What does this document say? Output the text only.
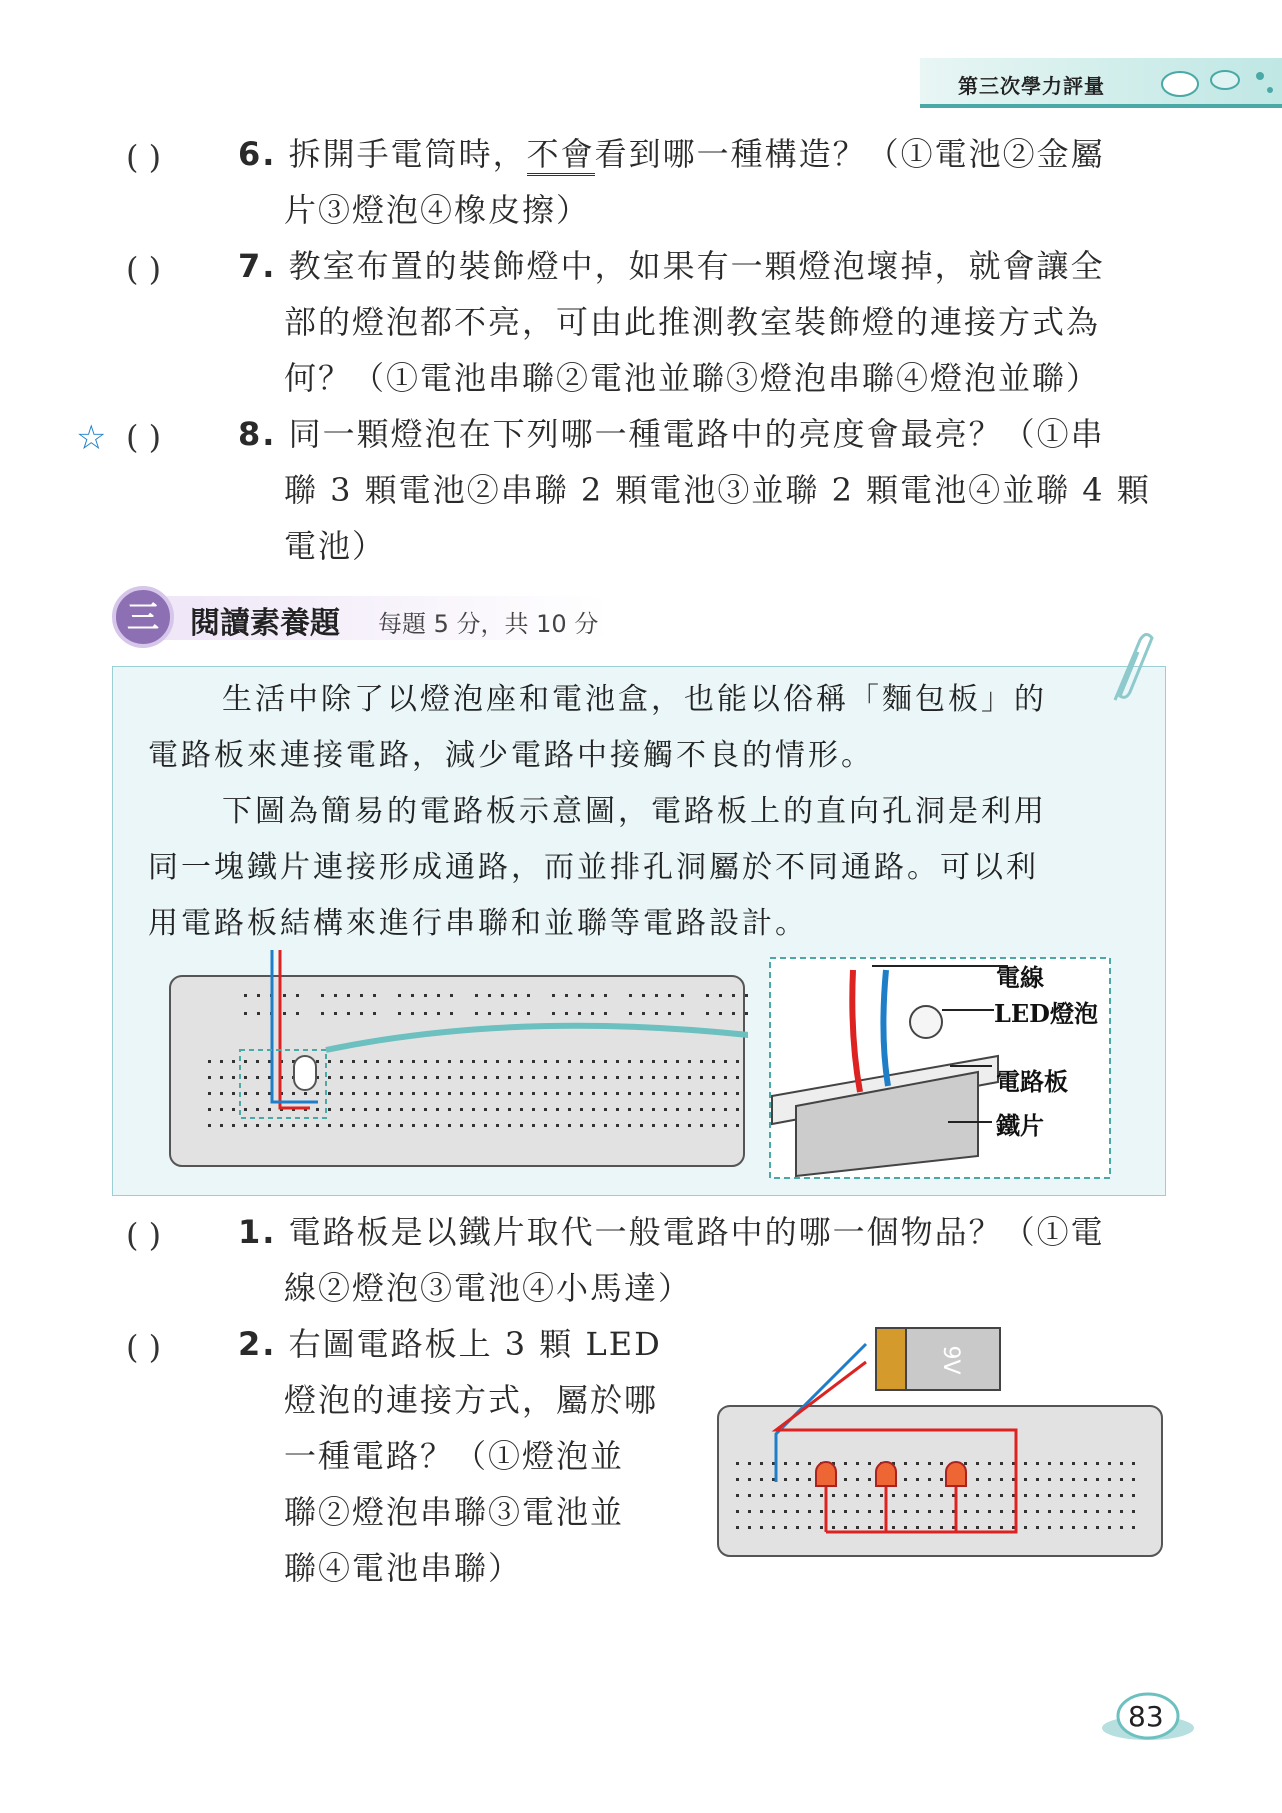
第三次學力評量
( ) 6. 拆開手電筒時，不會看到哪一種構造？（①電池②金屬
片③燈泡④橡皮擦）
( ) 7. 教室布置的裝飾燈中，如果有一顆燈泡壞掉，就會讓全
部的燈泡都不亮，可由此推測教室裝飾燈的連接方式為
何？（①電池串聯②電池並聯③燈泡串聯④燈泡並聯）
☆ ( ) 8. 同一顆燈泡在下列哪一種電路中的亮度會最亮？（①串
聯 3 顆電池②串聯 2 顆電池③並聯 2 顆電池④並聯 4 顆
電池）
三	閱讀素養題 每題 5 分，共 10 分
生活中除了以燈泡座和電池盒，也能以俗稱「麵包板」的
電路板來連接電路，減少電路中接觸不良的情形。
下圖為簡易的電路板示意圖，電路板上的直向孔洞是利用
同一塊鐵片連接形成通路，而並排孔洞屬於不同通路。可以利
用電路板結構來進行串聯和並聯等電路設計。
電線
LED燈泡
電路板
鐵片
( ) 1. 電路板是以鐵片取代一般電路中的哪一個物品？（①電
線②燈泡③電池④小馬達）
( ) 2. 右圖電路板上 3 顆 LED
燈泡的連接方式，屬於哪
一種電路？（①燈泡並
聯②燈泡串聯③電池並
聯④電池串聯）
9V
83
